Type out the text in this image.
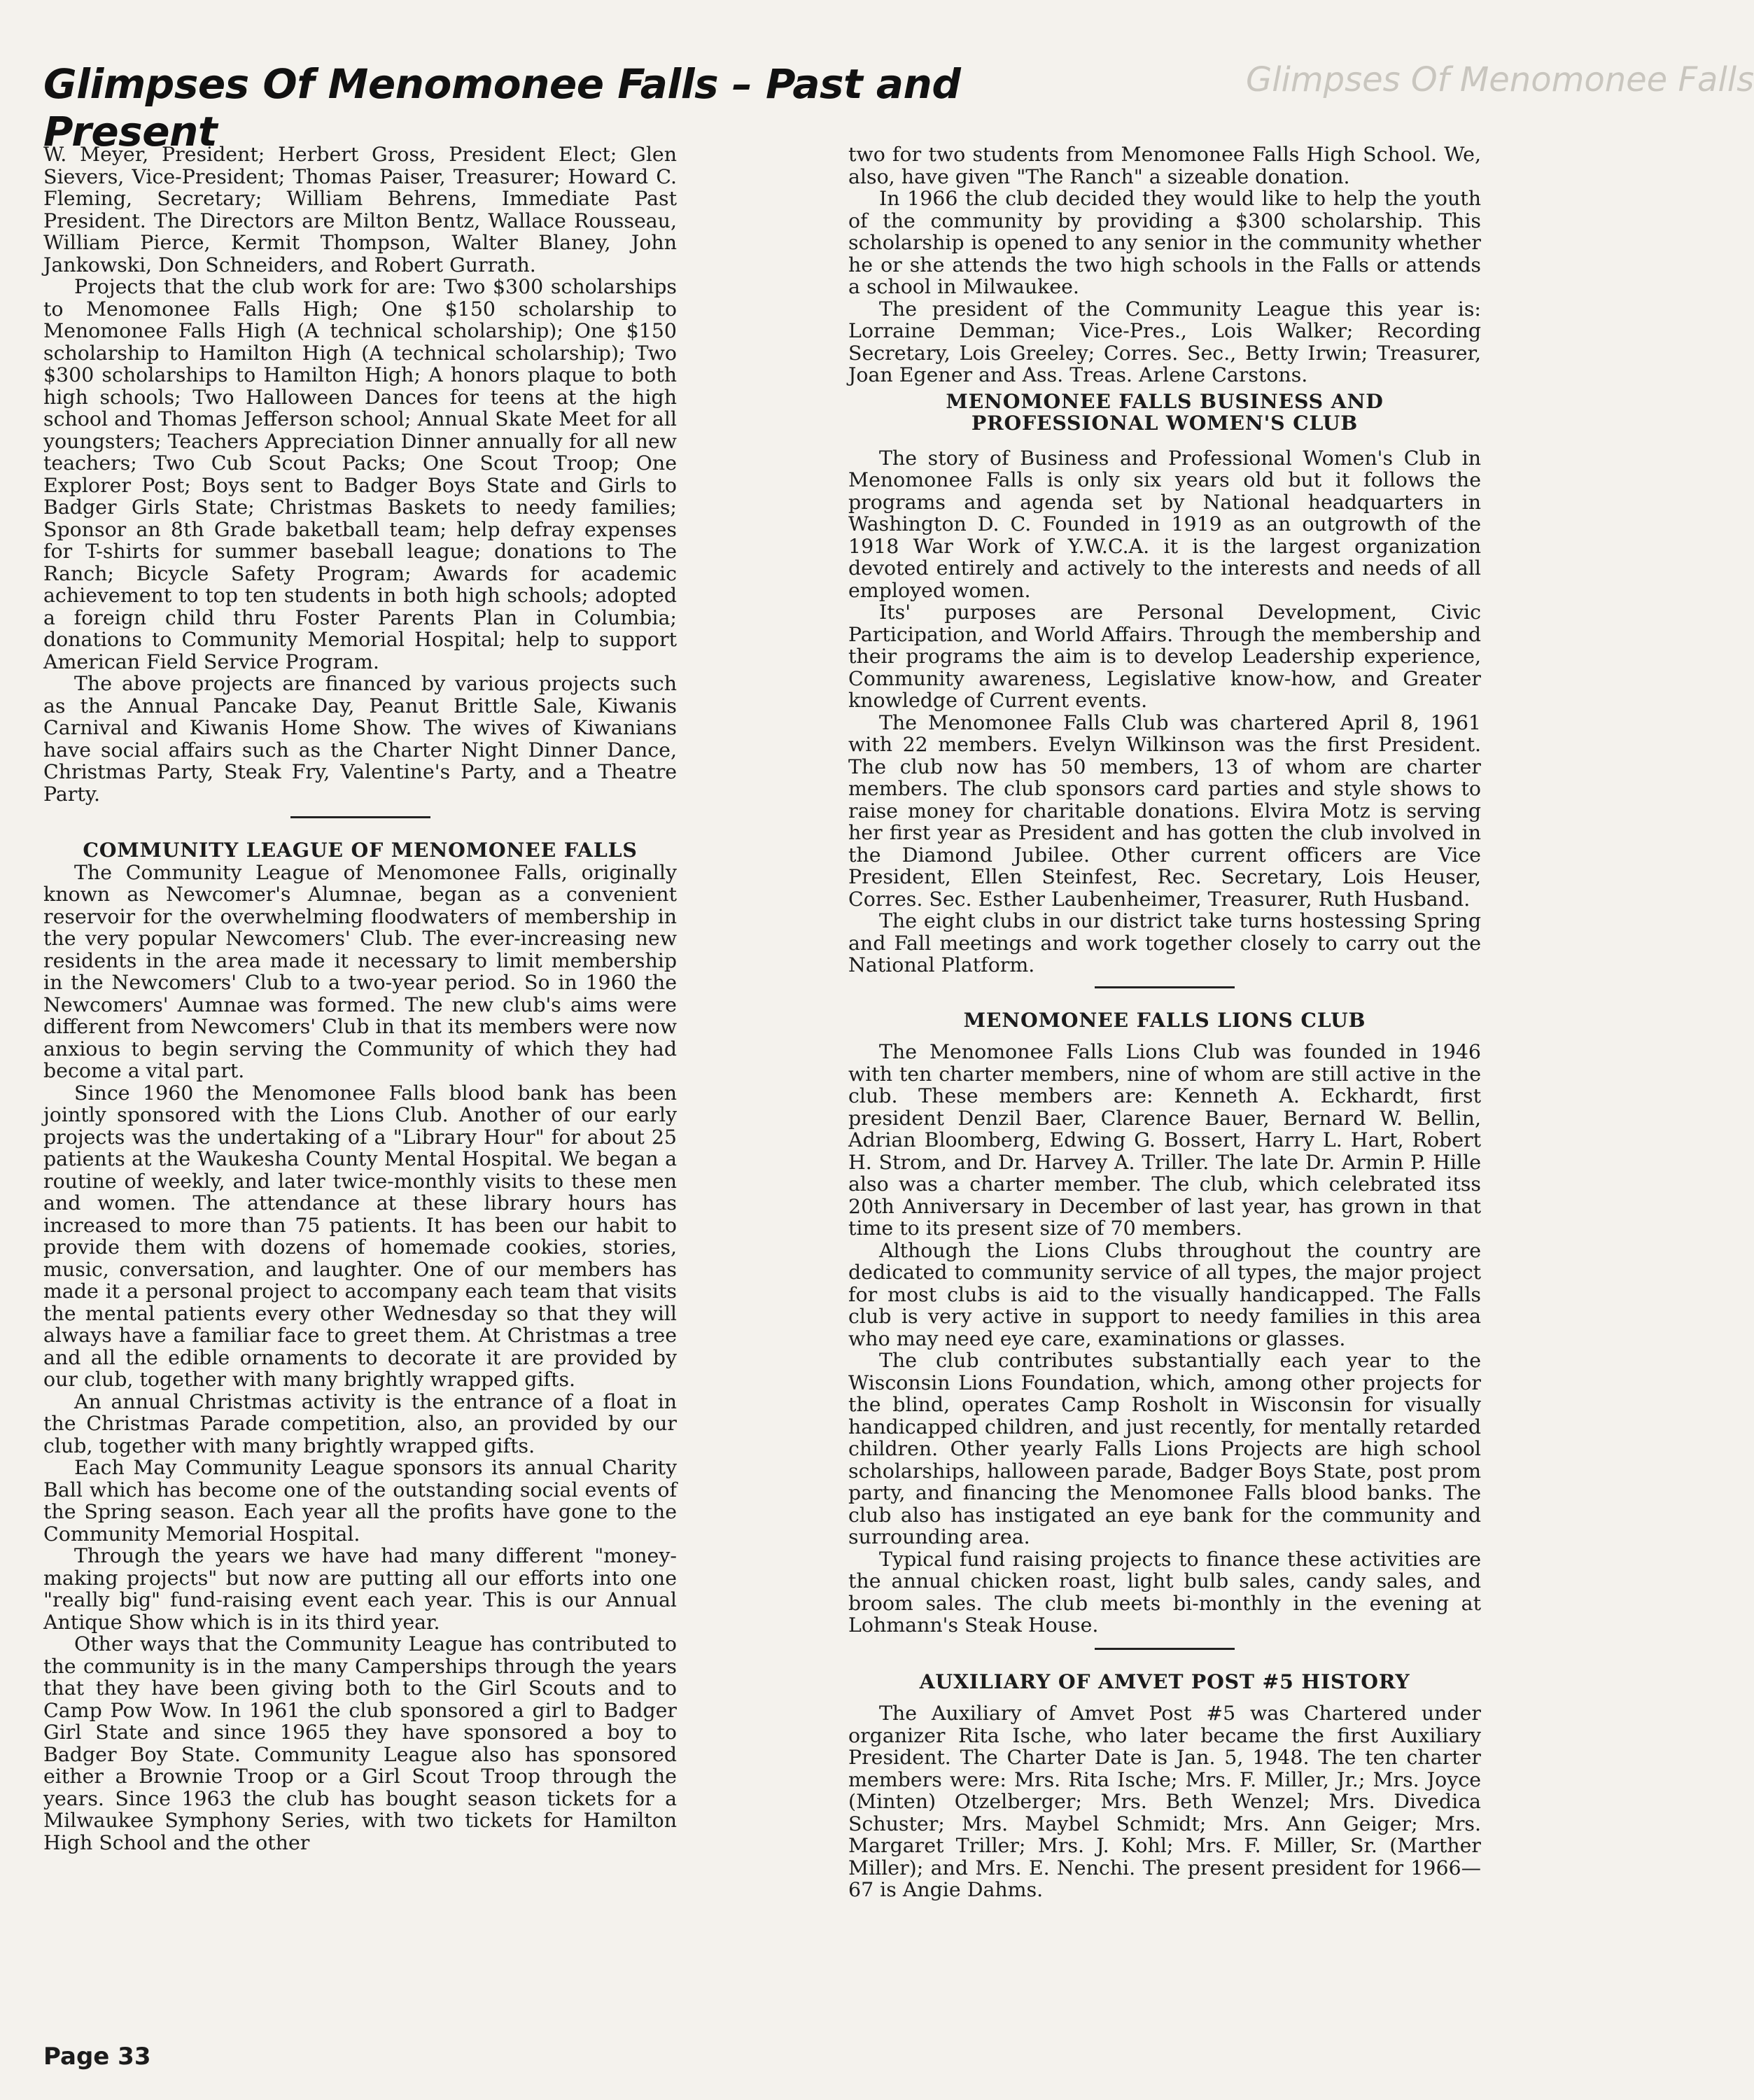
Glimpses Of Menomonee Falls – Past and Present
Glimpses Of Menomonee Falls

W. Meyer, President; Herbert Gross, President Elect; Glen Sievers, Vice-President; Thomas Paiser, Treasurer; Howard C. Fleming, Secretary; William Behrens, Immediate Past President. The Directors are Milton Bentz, Wallace Rousseau, William Pierce, Kermit Thompson, Walter Blaney, John Jankowski, Don Schneiders, and Robert Gurrath.

Projects that the club work for are: Two $300 scholarships to Menomonee Falls High; One $150 scholarship to Menomonee Falls High (A technical scholarship); One $150 scholarship to Hamilton High (A technical scholarship); Two $300 scholarships to Hamilton High; A honors plaque to both high schools; Two Halloween Dances for teens at the high school and Thomas Jefferson school; Annual Skate Meet for all youngsters; Teachers Appreciation Dinner annually for all new teachers; Two Cub Scout Packs; One Scout Troop; One Explorer Post; Boys sent to Badger Boys State and Girls to Badger Girls State; Christmas Baskets to needy families; Sponsor an 8th Grade baketball team; help defray expenses for T-shirts for summer baseball league; donations to The Ranch; Bicycle Safety Program; Awards for academic achievement to top ten students in both high schools; adopted a foreign child thru Foster Parents Plan in Columbia; donations to Community Memorial Hospital; help to support American Field Service Program.

The above projects are financed by various projects such as the Annual Pancake Day, Peanut Brittle Sale, Kiwanis Carnival and Kiwanis Home Show. The wives of Kiwanians have social affairs such as the Charter Night Dinner Dance, Christmas Party, Steak Fry, Valentine's Party, and a Theatre Party.

COMMUNITY LEAGUE OF MENOMONEE FALLS

The Community League of Menomonee Falls, originally known as Newcomer's Alumnae, began as a convenient reservoir for the overwhelming floodwaters of membership in the very popular Newcomers' Club. The ever-increasing new residents in the area made it necessary to limit membership in the Newcomers' Club to a two-year period. So in 1960 the Newcomers' Aumnae was formed. The new club's aims were different from Newcomers' Club in that its members were now anxious to begin serving the Community of which they had become a vital part.

Since 1960 the Menomonee Falls blood bank has been jointly sponsored with the Lions Club. Another of our early projects was the undertaking of a "Library Hour" for about 25 patients at the Waukesha County Mental Hospital. We began a routine of weekly, and later twice-monthly visits to these men and women. The attendance at these library hours has increased to more than 75 patients. It has been our habit to provide them with dozens of homemade cookies, stories, music, conversation, and laughter. One of our members has made it a personal project to accompany each team that visits the mental patients every other Wednesday so that they will always have a familiar face to greet them. At Christmas a tree and all the edible ornaments to decorate it are provided by our club, together with many brightly wrapped gifts.

An annual Christmas activity is the entrance of a float in the Christmas Parade competition, also, an provided by our club, together with many brightly wrapped gifts.

Each May Community League sponsors its annual Charity Ball which has become one of the outstanding social events of the Spring season. Each year all the profits have gone to the Community Memorial Hospital.

Through the years we have had many different "money-making projects" but now are putting all our efforts into one "really big" fund-raising event each year. This is our Annual Antique Show which is in its third year.

Other ways that the Community League has contributed to the community is in the many Camperships through the years that they have been giving both to the Girl Scouts and to Camp Pow Wow. In 1961 the club sponsored a girl to Badger Girl State and since 1965 they have sponsored a boy to Badger Boy State. Community League also has sponsored either a Brownie Troop or a Girl Scout Troop through the years. Since 1963 the club has bought season tickets for a Milwaukee Symphony Series, with two tickets for Hamilton High School and the other

two for two students from Menomonee Falls High School. We, also, have given "The Ranch" a sizeable donation.

In 1966 the club decided they would like to help the youth of the community by providing a $300 scholarship. This scholarship is opened to any senior in the community whether he or she attends the two high schools in the Falls or attends a school in Milwaukee.

The president of the Community League this year is: Lorraine Demman; Vice-Pres., Lois Walker; Recording Secretary, Lois Greeley; Corres. Sec., Betty Irwin; Treasurer, Joan Egener and Ass. Treas. Arlene Carstons.

MENOMONEE FALLS BUSINESS AND PROFESSIONAL WOMEN'S CLUB

The story of Business and Professional Women's Club in Menomonee Falls is only six years old but it follows the programs and agenda set by National headquarters in Washington D. C. Founded in 1919 as an outgrowth of the 1918 War Work of Y.W.C.A. it is the largest organization devoted entirely and actively to the interests and needs of all employed women.

Its' purposes are Personal Development, Civic Participation, and World Affairs. Through the membership and their programs the aim is to develop Leadership experience, Community awareness, Legislative know-how, and Greater knowledge of Current events.

The Menomonee Falls Club was chartered April 8, 1961 with 22 members. Evelyn Wilkinson was the first President. The club now has 50 members, 13 of whom are charter members. The club sponsors card parties and style shows to raise money for charitable donations. Elvira Motz is serving her first year as President and has gotten the club involved in the Diamond Jubilee. Other current officers are Vice President, Ellen Steinfest, Rec. Secretary, Lois Heuser, Corres. Sec. Esther Laubenheimer, Treasurer, Ruth Husband.

The eight clubs in our district take turns hostessing Spring and Fall meetings and work together closely to carry out the National Platform.

MENOMONEE FALLS LIONS CLUB

The Menomonee Falls Lions Club was founded in 1946 with ten charter members, nine of whom are still active in the club. These members are: Kenneth A. Eckhardt, first president Denzil Baer, Clarence Bauer, Bernard W. Bellin, Adrian Bloomberg, Edwing G. Bossert, Harry L. Hart, Robert H. Strom, and Dr. Harvey A. Triller. The late Dr. Armin P. Hille also was a charter member. The club, which celebrated itss 20th Anniversary in December of last year, has grown in that time to its present size of 70 members.

Although the Lions Clubs throughout the country are dedicated to community service of all types, the major project for most clubs is aid to the visually handicapped. The Falls club is very active in support to needy families in this area who may need eye care, examinations or glasses.

The club contributes substantially each year to the Wisconsin Lions Foundation, which, among other projects for the blind, operates Camp Rosholt in Wisconsin for visually handicapped children, and just recently, for mentally retarded children. Other yearly Falls Lions Projects are high school scholarships, halloween parade, Badger Boys State, post prom party, and financing the Menomonee Falls blood banks. The club also has instigated an eye bank for the community and surrounding area.

Typical fund raising projects to finance these activities are the annual chicken roast, light bulb sales, candy sales, and broom sales. The club meets bi-monthly in the evening at Lohmann's Steak House.

AUXILIARY OF AMVET POST #5 HISTORY

The Auxiliary of Amvet Post #5 was Chartered under organizer Rita Ische, who later became the first Auxiliary President. The Charter Date is Jan. 5, 1948. The ten charter members were: Mrs. Rita Ische; Mrs. F. Miller, Jr.; Mrs. Joyce (Minten) Otzelberger; Mrs. Beth Wenzel; Mrs. Divedica Schuster; Mrs. Maybel Schmidt; Mrs. Ann Geiger; Mrs. Margaret Triller; Mrs. J. Kohl; Mrs. F. Miller, Sr. (Marther Miller); and Mrs. E. Nenchi. The present president for 1966—67 is Angie Dahms.

Page 33
